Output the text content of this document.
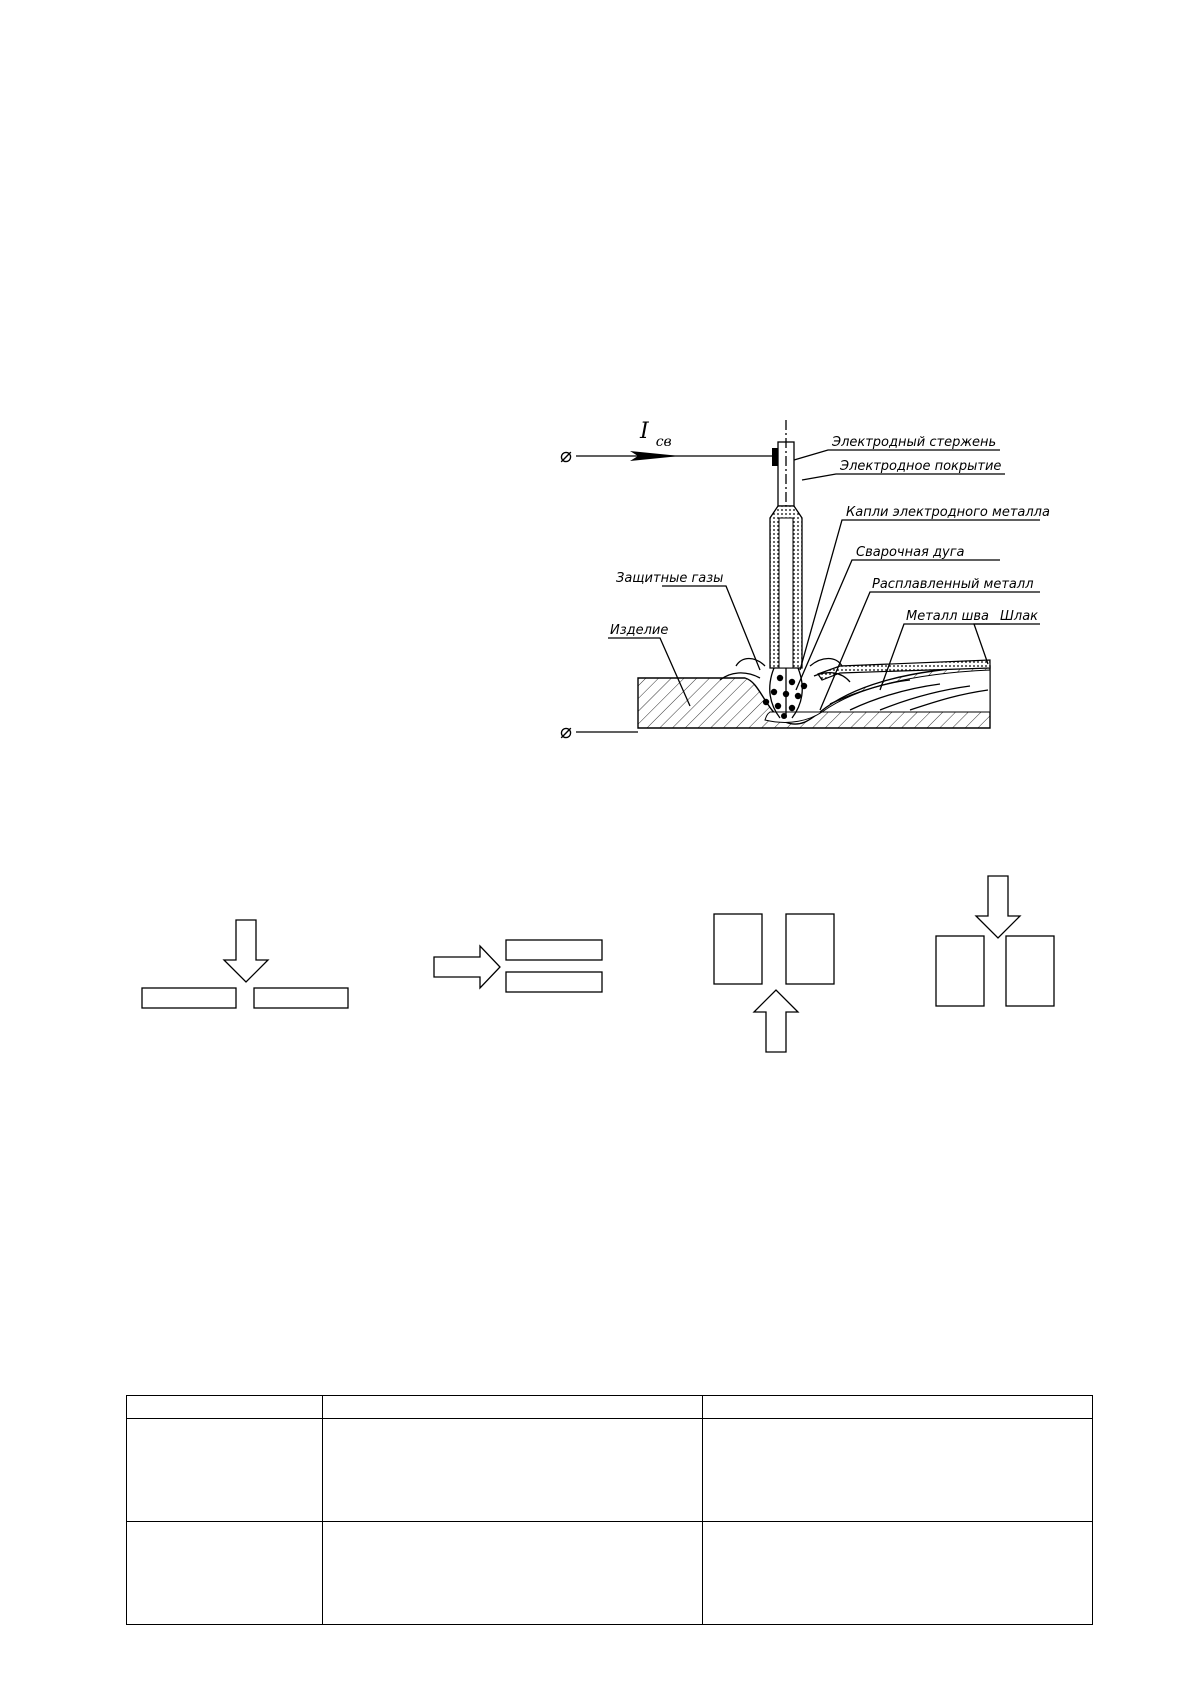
⌀
I $_{св}$
⌀
Электродный стержень
Электродное покрытие
Капли электродного металла
Сварочная дуга
Защитные газы	Расплавленный металл
Изделие
Металл шва Шлак
